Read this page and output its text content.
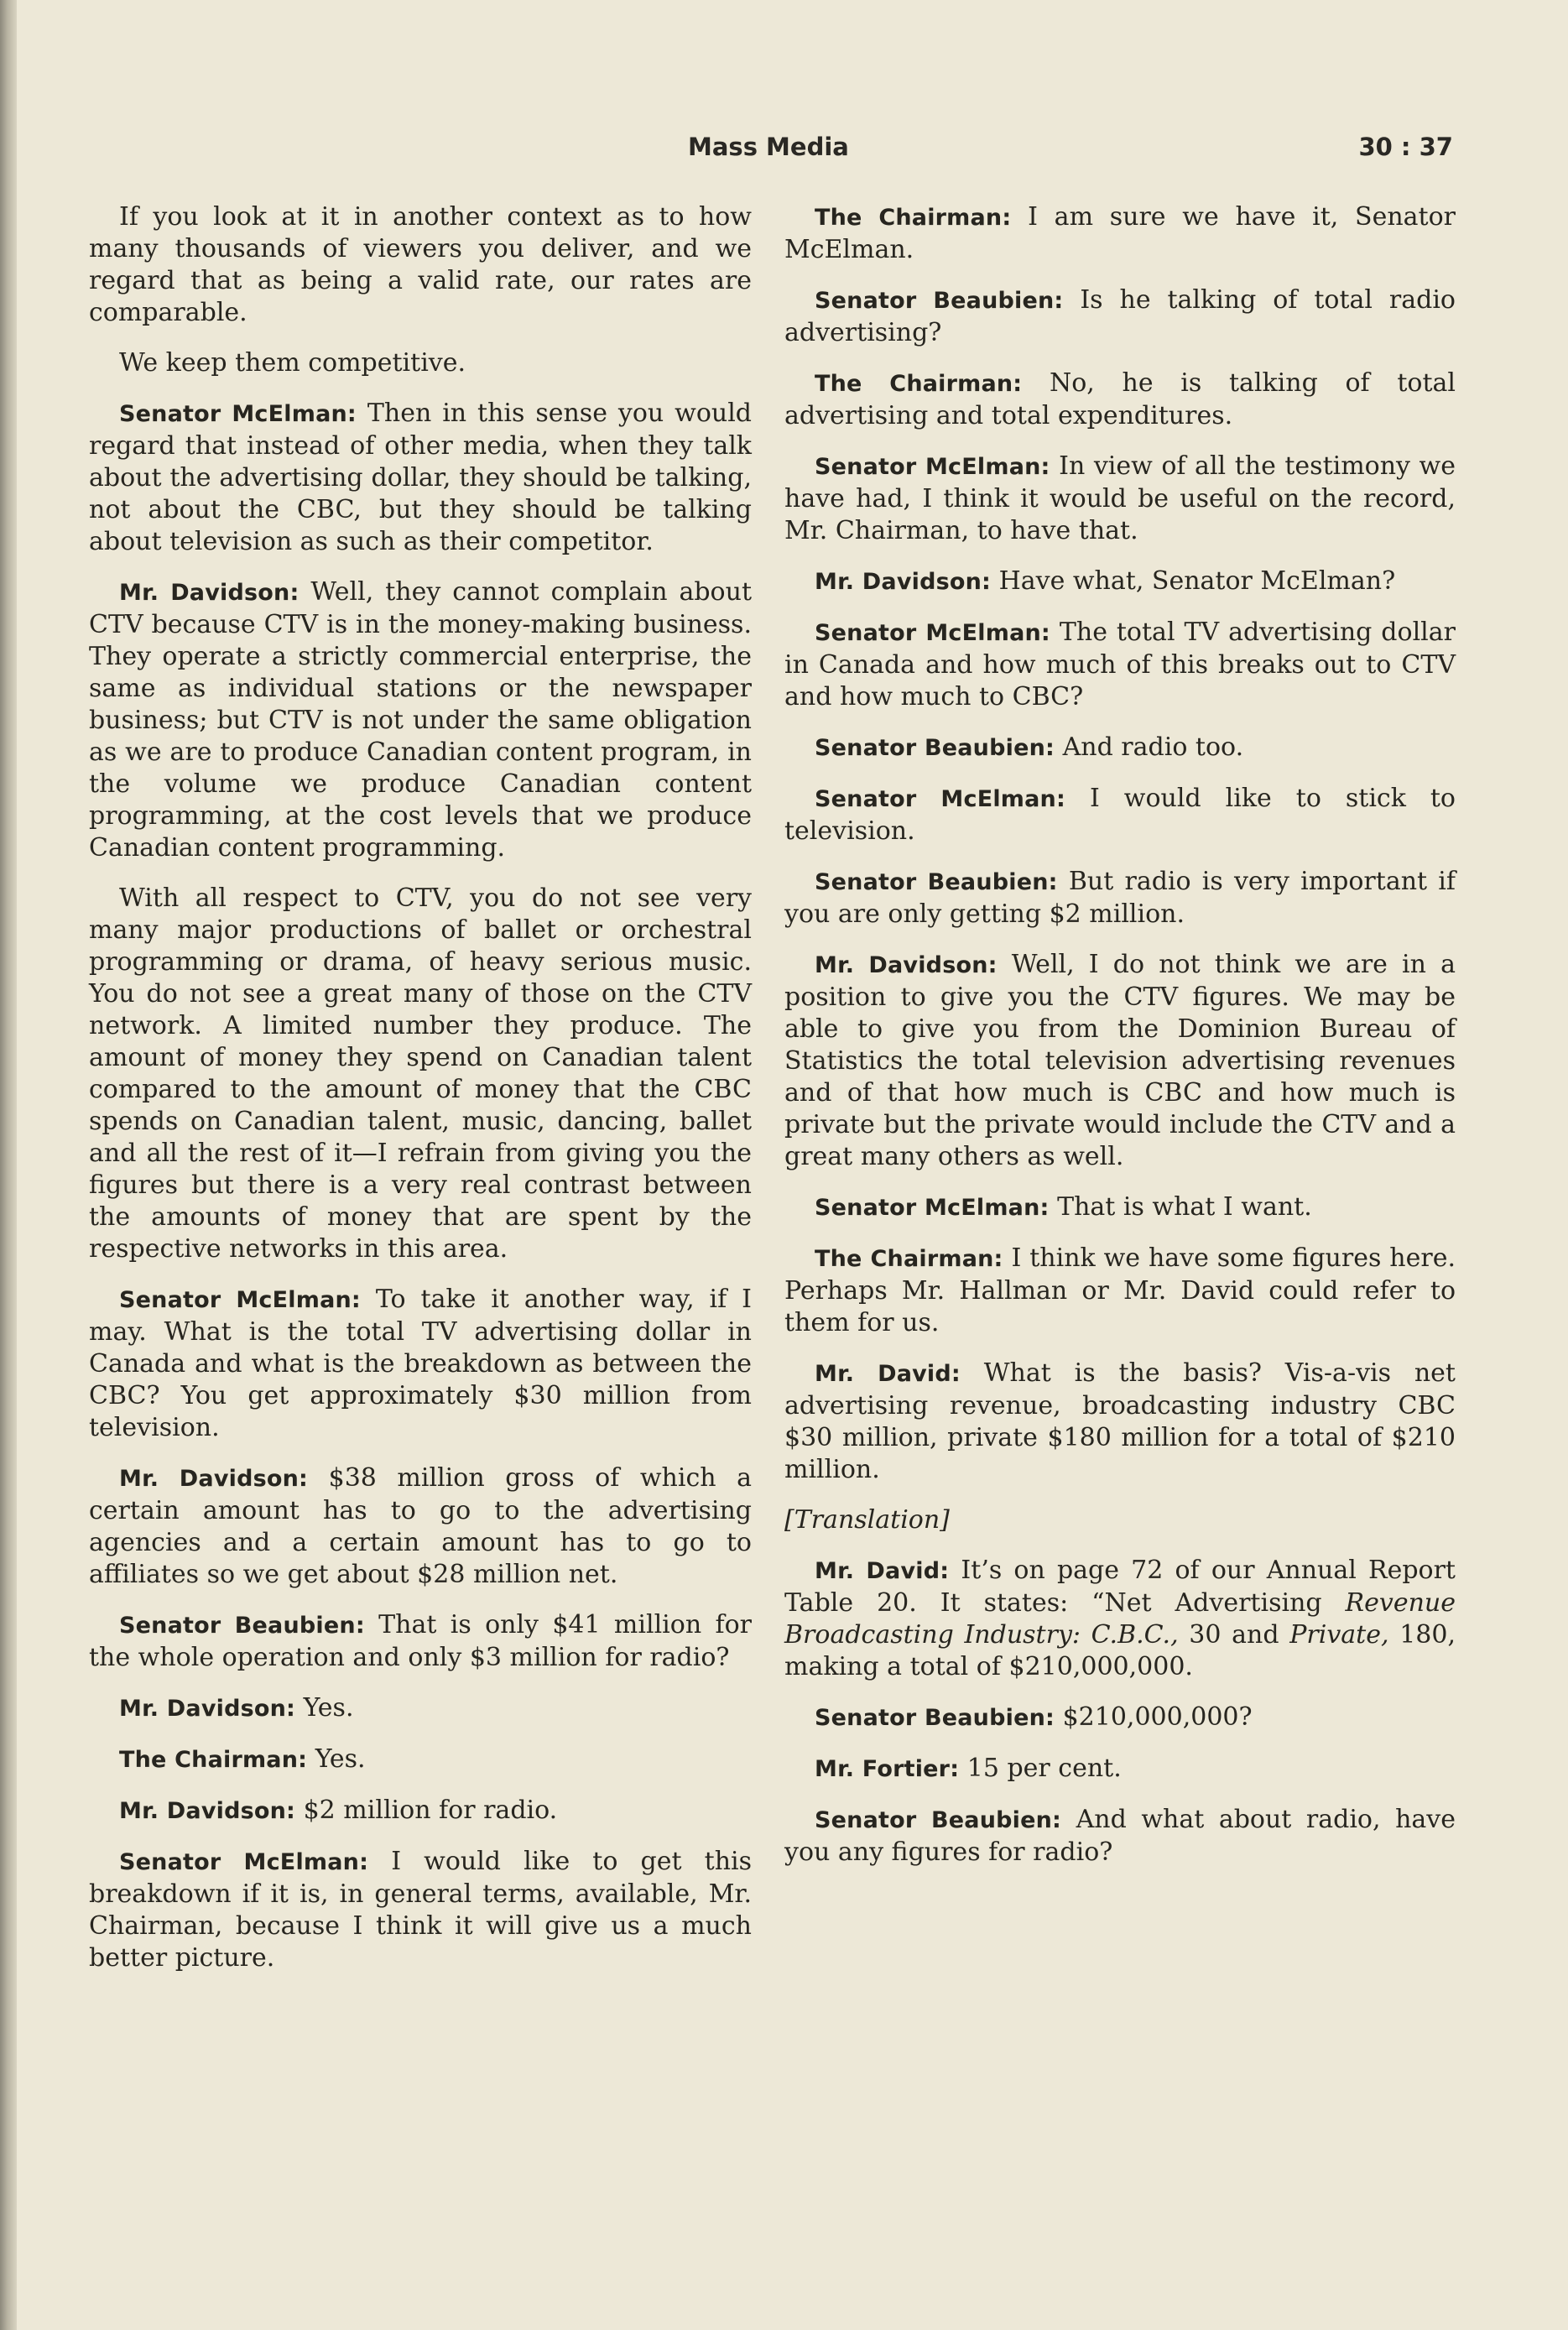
Mass Media	30 : 37

If you look at it in another context as to how many thousands of viewers you deliver, and we regard that as being a valid rate, our rates are comparable.

We keep them competitive.

Senator McElman: Then in this sense you would regard that instead of other media, when they talk about the advertising dollar, they should be talking, not about the CBC, but they should be talking about television as such as their competitor.

Mr. Davidson: Well, they cannot complain about CTV because CTV is in the money-making business. They operate a strictly commercial enterprise, the same as individual stations or the newspaper business; but CTV is not under the same obligation as we are to produce Canadian content program, in the volume we produce Canadian content programming, at the cost levels that we produce Canadian content programming.

With all respect to CTV, you do not see very many major productions of ballet or orchestral programming or drama, of heavy serious music. You do not see a great many of those on the CTV network. A limited number they produce. The amount of money they spend on Canadian talent compared to the amount of money that the CBC spends on Canadian talent, music, dancing, ballet and all the rest of it—I refrain from giving you the figures but there is a very real contrast between the amounts of money that are spent by the respective networks in this area.

Senator McElman: To take it another way, if I may. What is the total TV advertising dollar in Canada and what is the breakdown as between the CBC? You get approximately $30 million from television.

Mr. Davidson: $38 million gross of which a certain amount has to go to the advertising agencies and a certain amount has to go to affiliates so we get about $28 million net.

Senator Beaubien: That is only $41 million for the whole operation and only $3 million for radio?

Mr. Davidson: Yes.

The Chairman: Yes.

Mr. Davidson: $2 million for radio.

Senator McElman: I would like to get this breakdown if it is, in general terms, available, Mr. Chairman, because I think it will give us a much better picture.

The Chairman: I am sure we have it, Senator McElman.

Senator Beaubien: Is he talking of total radio advertising?

The Chairman: No, he is talking of total advertising and total expenditures.

Senator McElman: In view of all the testimony we have had, I think it would be useful on the record, Mr. Chairman, to have that.

Mr. Davidson: Have what, Senator McElman?

Senator McElman: The total TV advertising dollar in Canada and how much of this breaks out to CTV and how much to CBC?

Senator Beaubien: And radio too.

Senator McElman: I would like to stick to television.

Senator Beaubien: But radio is very important if you are only getting $2 million.

Mr. Davidson: Well, I do not think we are in a position to give you the CTV figures. We may be able to give you from the Dominion Bureau of Statistics the total television advertising revenues and of that how much is CBC and how much is private but the private would include the CTV and a great many others as well.

Senator McElman: That is what I want.

The Chairman: I think we have some figures here. Perhaps Mr. Hallman or Mr. David could refer to them for us.

Mr. David: What is the basis? Vis-a-vis net advertising revenue, broadcasting industry CBC $30 million, private $180 million for a total of $210 million.

[Translation]

Mr. David: It’s on page 72 of our Annual Report Table 20. It states: “Net Advertising Revenue Broadcasting Industry: C.B.C., 30 and Private, 180, making a total of $210,000,000.

Senator Beaubien: $210,000,000?

Mr. Fortier: 15 per cent.

Senator Beaubien: And what about radio, have you any figures for radio?
